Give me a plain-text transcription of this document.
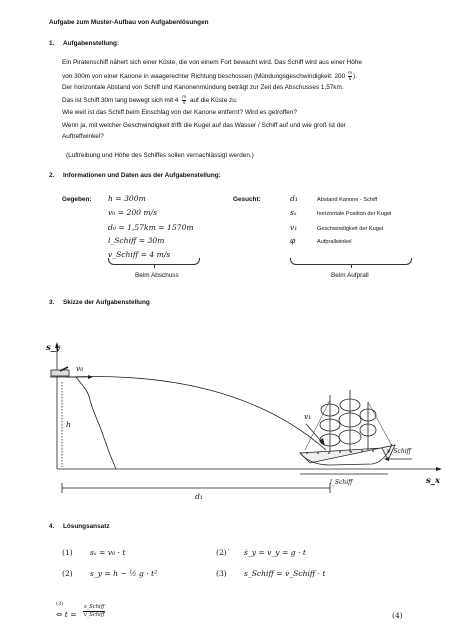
Aufgabe zum Muster-Aufbau von Aufgabenlösungen
1. Aufgabenstellung:
Ein Piratenschiff nähert sich einer Küste, die von einem Fort bewacht wird. Das Schiff wird aus einer Höhe
von 300m von einer Kanone in waagerechter Richtung beschossen (Mündungsgeschwindigkeit: $200 \frac{m}{s}$ ).
Der horizontale Abstand von Schiff und Kanonenmündung beträgt zur Zeit des Abschusses 1,57km.
Das ist Schiff 30m lang bewegt sich mit $4 \frac{m}{s}$ auf die Küste zu.
Wie weit ist das Schiff beim Einschlag von der Kanone entfernt? Wird es getroffen?
Wenn ja, mit welcher Geschwindigkeit trifft die Kugel auf das Wasser / Schiff auf und wie groß ist der
Auftreffwinkel?
(Luftreibung und Höhe des Schiffes sollen vernachlässigt werden.)
2. Informationen und Daten aus der Aufgabenstellung:
Gegeben: h = 300m
v₀ = 200 m/s
d₀ = 1,57km = 1570m
l_Schiff = 30m
v_Schiff = 4 m/s
Beim Abschuss
Gesucht:	d₁	Abstand Kanone - Schiff
sₓ	horizontale Position der Kugel
v₁	Geschwindigkeit der Kugel
φ	Aufprallwinkel
Beim Aufprall
3. Skizze der Aufgabenstellung
s_y
v₀
h
v₁
v_Schiff
l_Schiff
d₁
s_x
4. Lösungsansatz
(1) sₓ = v₀ · t	(2)˙ ṡ_y = v_y = g · t
(2) s_y = h − ½ g · t²	(3) s_Schiff = v_Schiff · t
(3)
⇔ t =
s_Schiff
v_Schiff	(4)
